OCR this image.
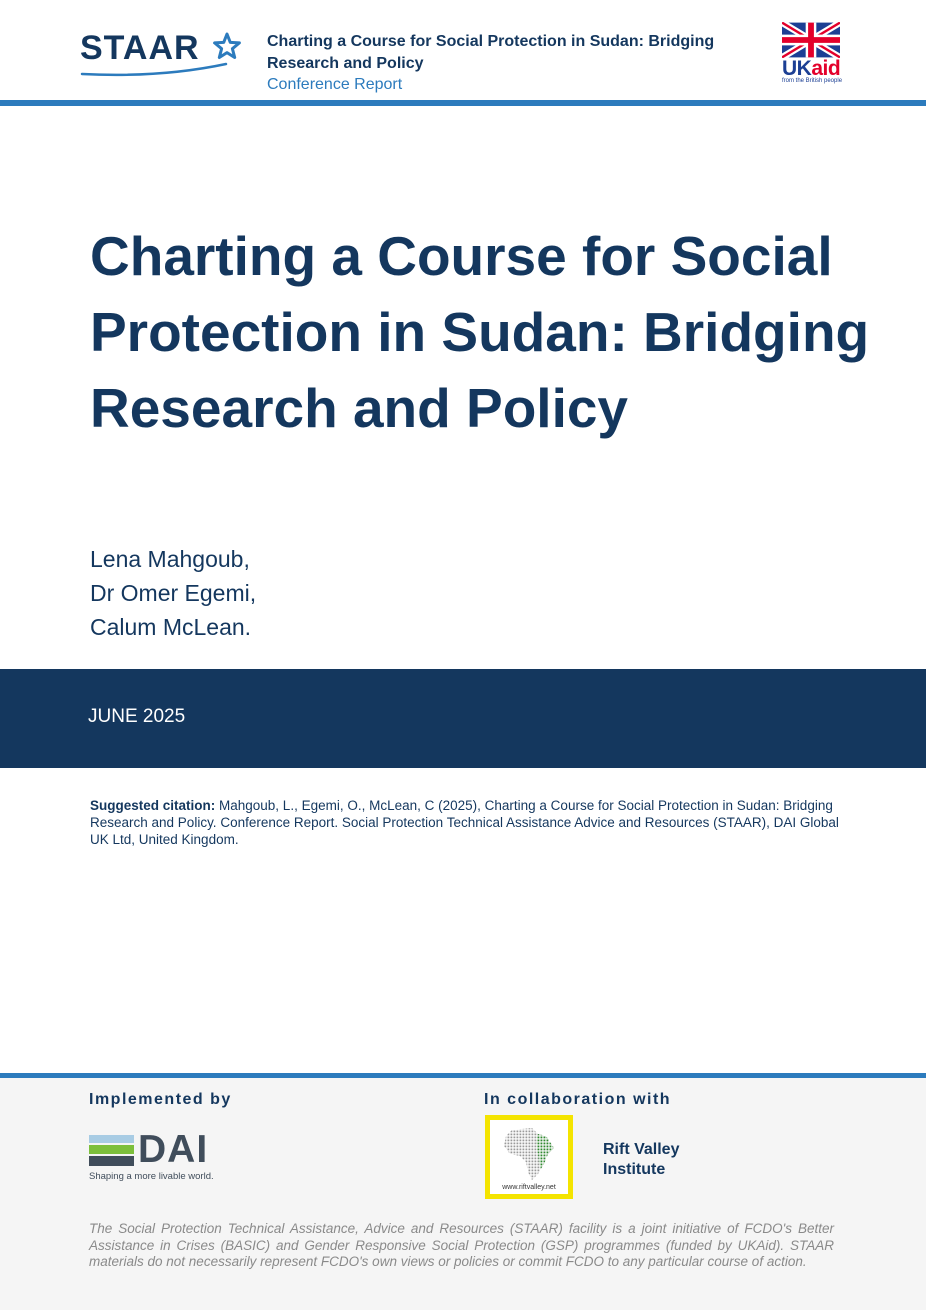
STAAR	Charting a Course for Social Protection in Sudan: Bridging Research and Policy
Conference Report
UKaid
from the British people
Charting a Course for Social Protection in Sudan: Bridging Research and Policy
Lena Mahgoub,
Dr Omer Egemi,
Calum McLean.
JUNE 2025

Suggested citation: Mahgoub, L., Egemi, O., McLean, C (2025), Charting a Course for Social Protection in Sudan: Bridging Research and Policy. Conference Report. Social Protection Technical Assistance Advice and Resources (STAAR), DAI Global UK Ltd, United Kingdom.

Implemented by	In collaboration with
DAI
Shaping a more livable world.
www.riftvalley.net
Rift Valley
Institute

The Social Protection Technical Assistance, Advice and Resources (STAAR) facility is a joint initiative of FCDO's Better Assistance in Crises (BASIC) and Gender Responsive Social Protection (GSP) programmes (funded by UKAid). STAAR materials do not necessarily represent FCDO's own views or policies or commit FCDO to any particular course of action.
